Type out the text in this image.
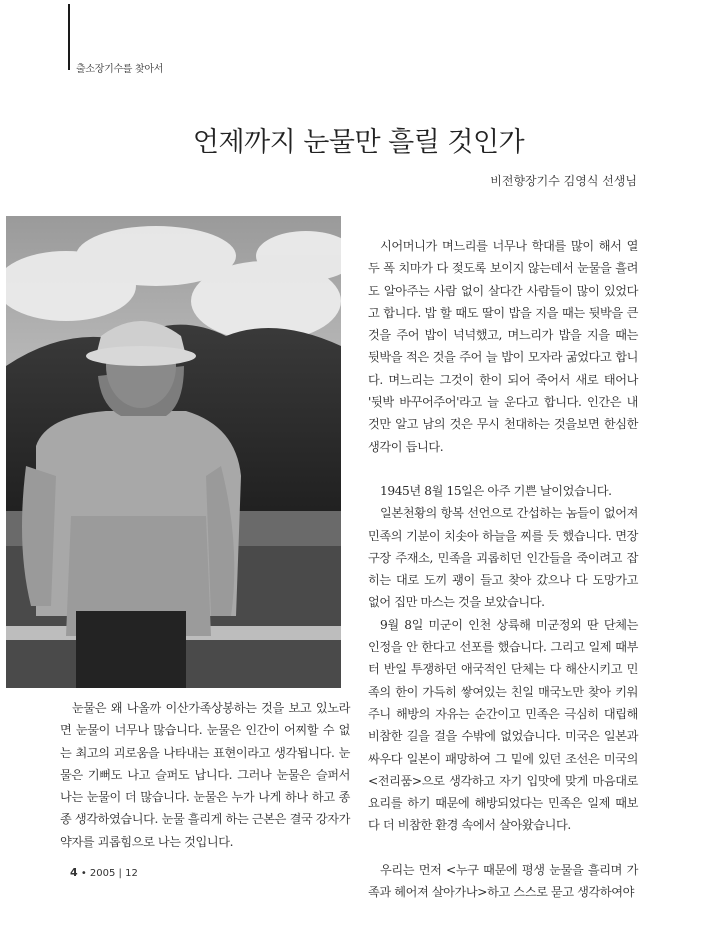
출소장기수를 찾아서
언제까지 눈물만 흘릴 것인가
비전향장기수 김영식 선생님

눈물은 왜 나올까 이산가족상봉하는 것을 보고 있노라면 눈물이 너무나 많습니다. 눈물은 인간이 어찌할 수 없는 최고의 괴로움을 나타내는 표현이라고 생각됩니다. 눈물은 기뻐도 나고 슬퍼도 납니다. 그러나 눈물은 슬퍼서 나는 눈물이 더 많습니다. 눈물은 누가 나게 하나 하고 종종 생각하였습니다. 눈물 흘리게 하는 근본은 결국 강자가 약자를 괴롭힘으로 나는 것입니다.

시어머니가 며느리를 너무나 학대를 많이 해서 열두 폭 치마가 다 젖도록 보이지 않는데서 눈물을 흘려도 알아주는 사람 없이 살다간 사람들이 많이 있었다고 합니다. 밥 할 때도 딸이 밥을 지을 때는 뒷박을 큰 것을 주어 밥이 넉넉했고, 며느리가 밥을 지을 때는 뒷박을 적은 것을 주어 늘 밥이 모자라 굶었다고 합니다. 며느리는 그것이 한이 되어 죽어서 새로 태어나 '뒷박 바꾸어주어'라고 늘 운다고 합니다. 인간은 내 것만 알고 남의 것은 무시 천대하는 것을보면 한심한 생각이 듭니다.

1945년 8월 15일은 아주 기쁜 날이었습니다.

일본천황의 항복 선언으로 간섭하는 놈들이 없어져 민족의 기분이 치솟아 하늘을 찌를 듯 했습니다. 면장 구장 주재소, 민족을 괴롭히던 인간들을 죽이려고 잡히는 대로 도끼 괭이 들고 찾아 갔으나 다 도망가고 없어 집만 마스는 것을 보았습니다.

9월 8일 미군이 인천 상륙해 미군정외 딴 단체는 인정을 안 한다고 선포를 했습니다. 그리고 일제 때부터 반일 투쟁하던 애국적인 단체는 다 해산시키고 민족의 한이 가득히 쌓여있는 친일 매국노만 찾아 키워주니 해방의 자유는 순간이고 민족은 극심히 대립해 비참한 길을 걸을 수밖에 없었습니다. 미국은 일본과 싸우다 일본이 패망하여 그 밑에 있던 조선은 미국의 <전리품>으로 생각하고 자기 입맛에 맞게 마음대로 요리를 하기 때문에 해방되었다는 민족은 일제 때보다 더 비참한 환경 속에서 살아왔습니다.

우리는 먼저 <누구 때문에 평생 눈물을 흘리며 가족과 헤어져 살아가나>하고 스스로 묻고 생각하여야

4 • 2005 | 12
